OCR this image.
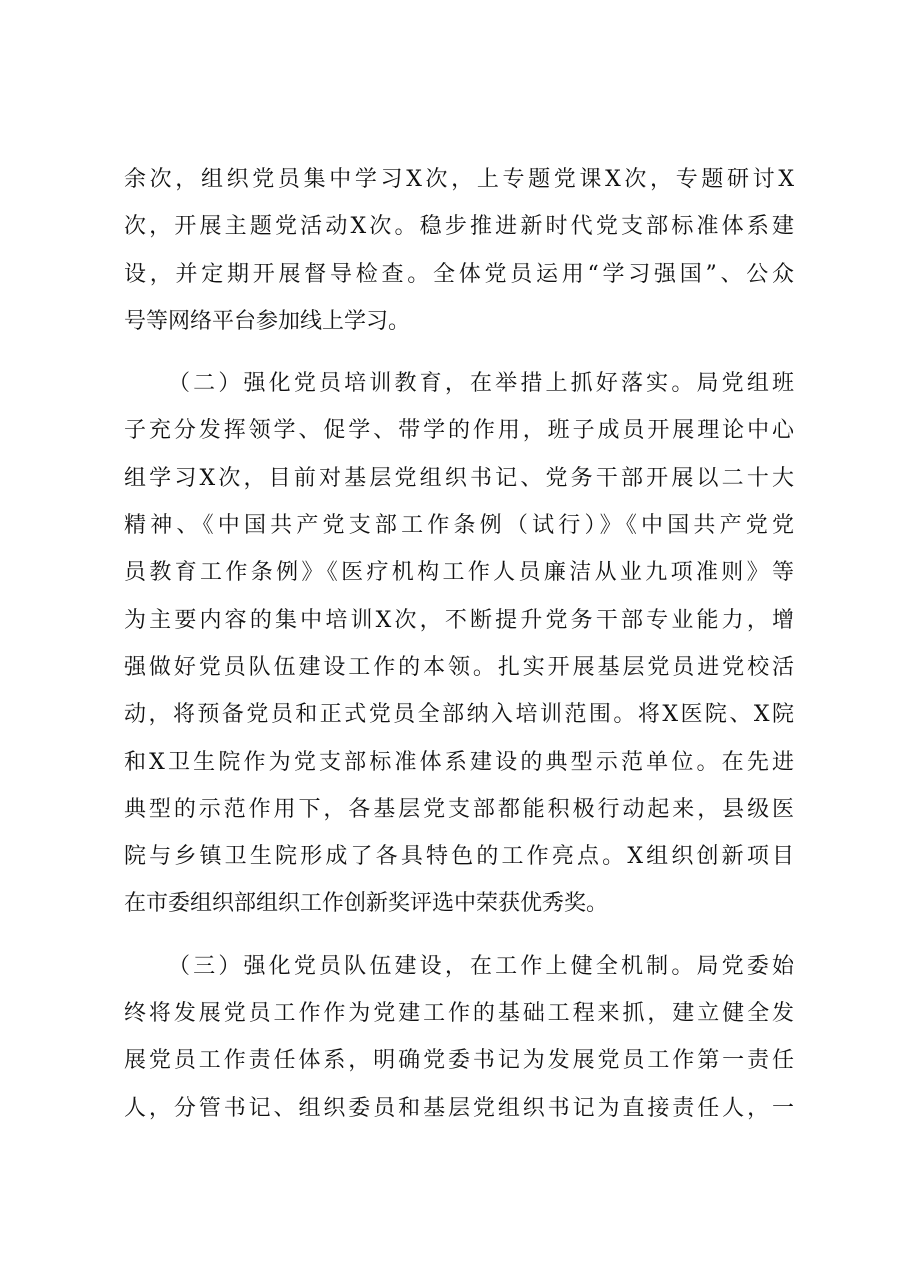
余次，组织党员集中学习X次，上专题党课X次，专题研讨X
次，开展主题党活动X次。稳步推进新时代党支部标准体系建
设，并定期开展督导检查。全体党员运用“学习强国”、公众
号等网络平台参加线上学习。
（二）强化党员培训教育，在举措上抓好落实。局党组班
子充分发挥领学、促学、带学的作用，班子成员开展理论中心
组学习X次，目前对基层党组织书记、党务干部开展以二十大
精神、《中国共产党支部工作条例（试行）》《中国共产党党
员教育工作条例》《医疗机构工作人员廉洁从业九项准则》等
为主要内容的集中培训X次，不断提升党务干部专业能力，增
强做好党员队伍建设工作的本领。扎实开展基层党员进党校活
动，将预备党员和正式党员全部纳入培训范围。将X医院、X院
和X卫生院作为党支部标准体系建设的典型示范单位。在先进
典型的示范作用下，各基层党支部都能积极行动起来，县级医
院与乡镇卫生院形成了各具特色的工作亮点。X组织创新项目
在市委组织部组织工作创新奖评选中荣获优秀奖。
（三）强化党员队伍建设，在工作上健全机制。局党委始
终将发展党员工作作为党建工作的基础工程来抓，建立健全发
展党员工作责任体系，明确党委书记为发展党员工作第一责任
人，分管书记、组织委员和基层党组织书记为直接责任人，一
